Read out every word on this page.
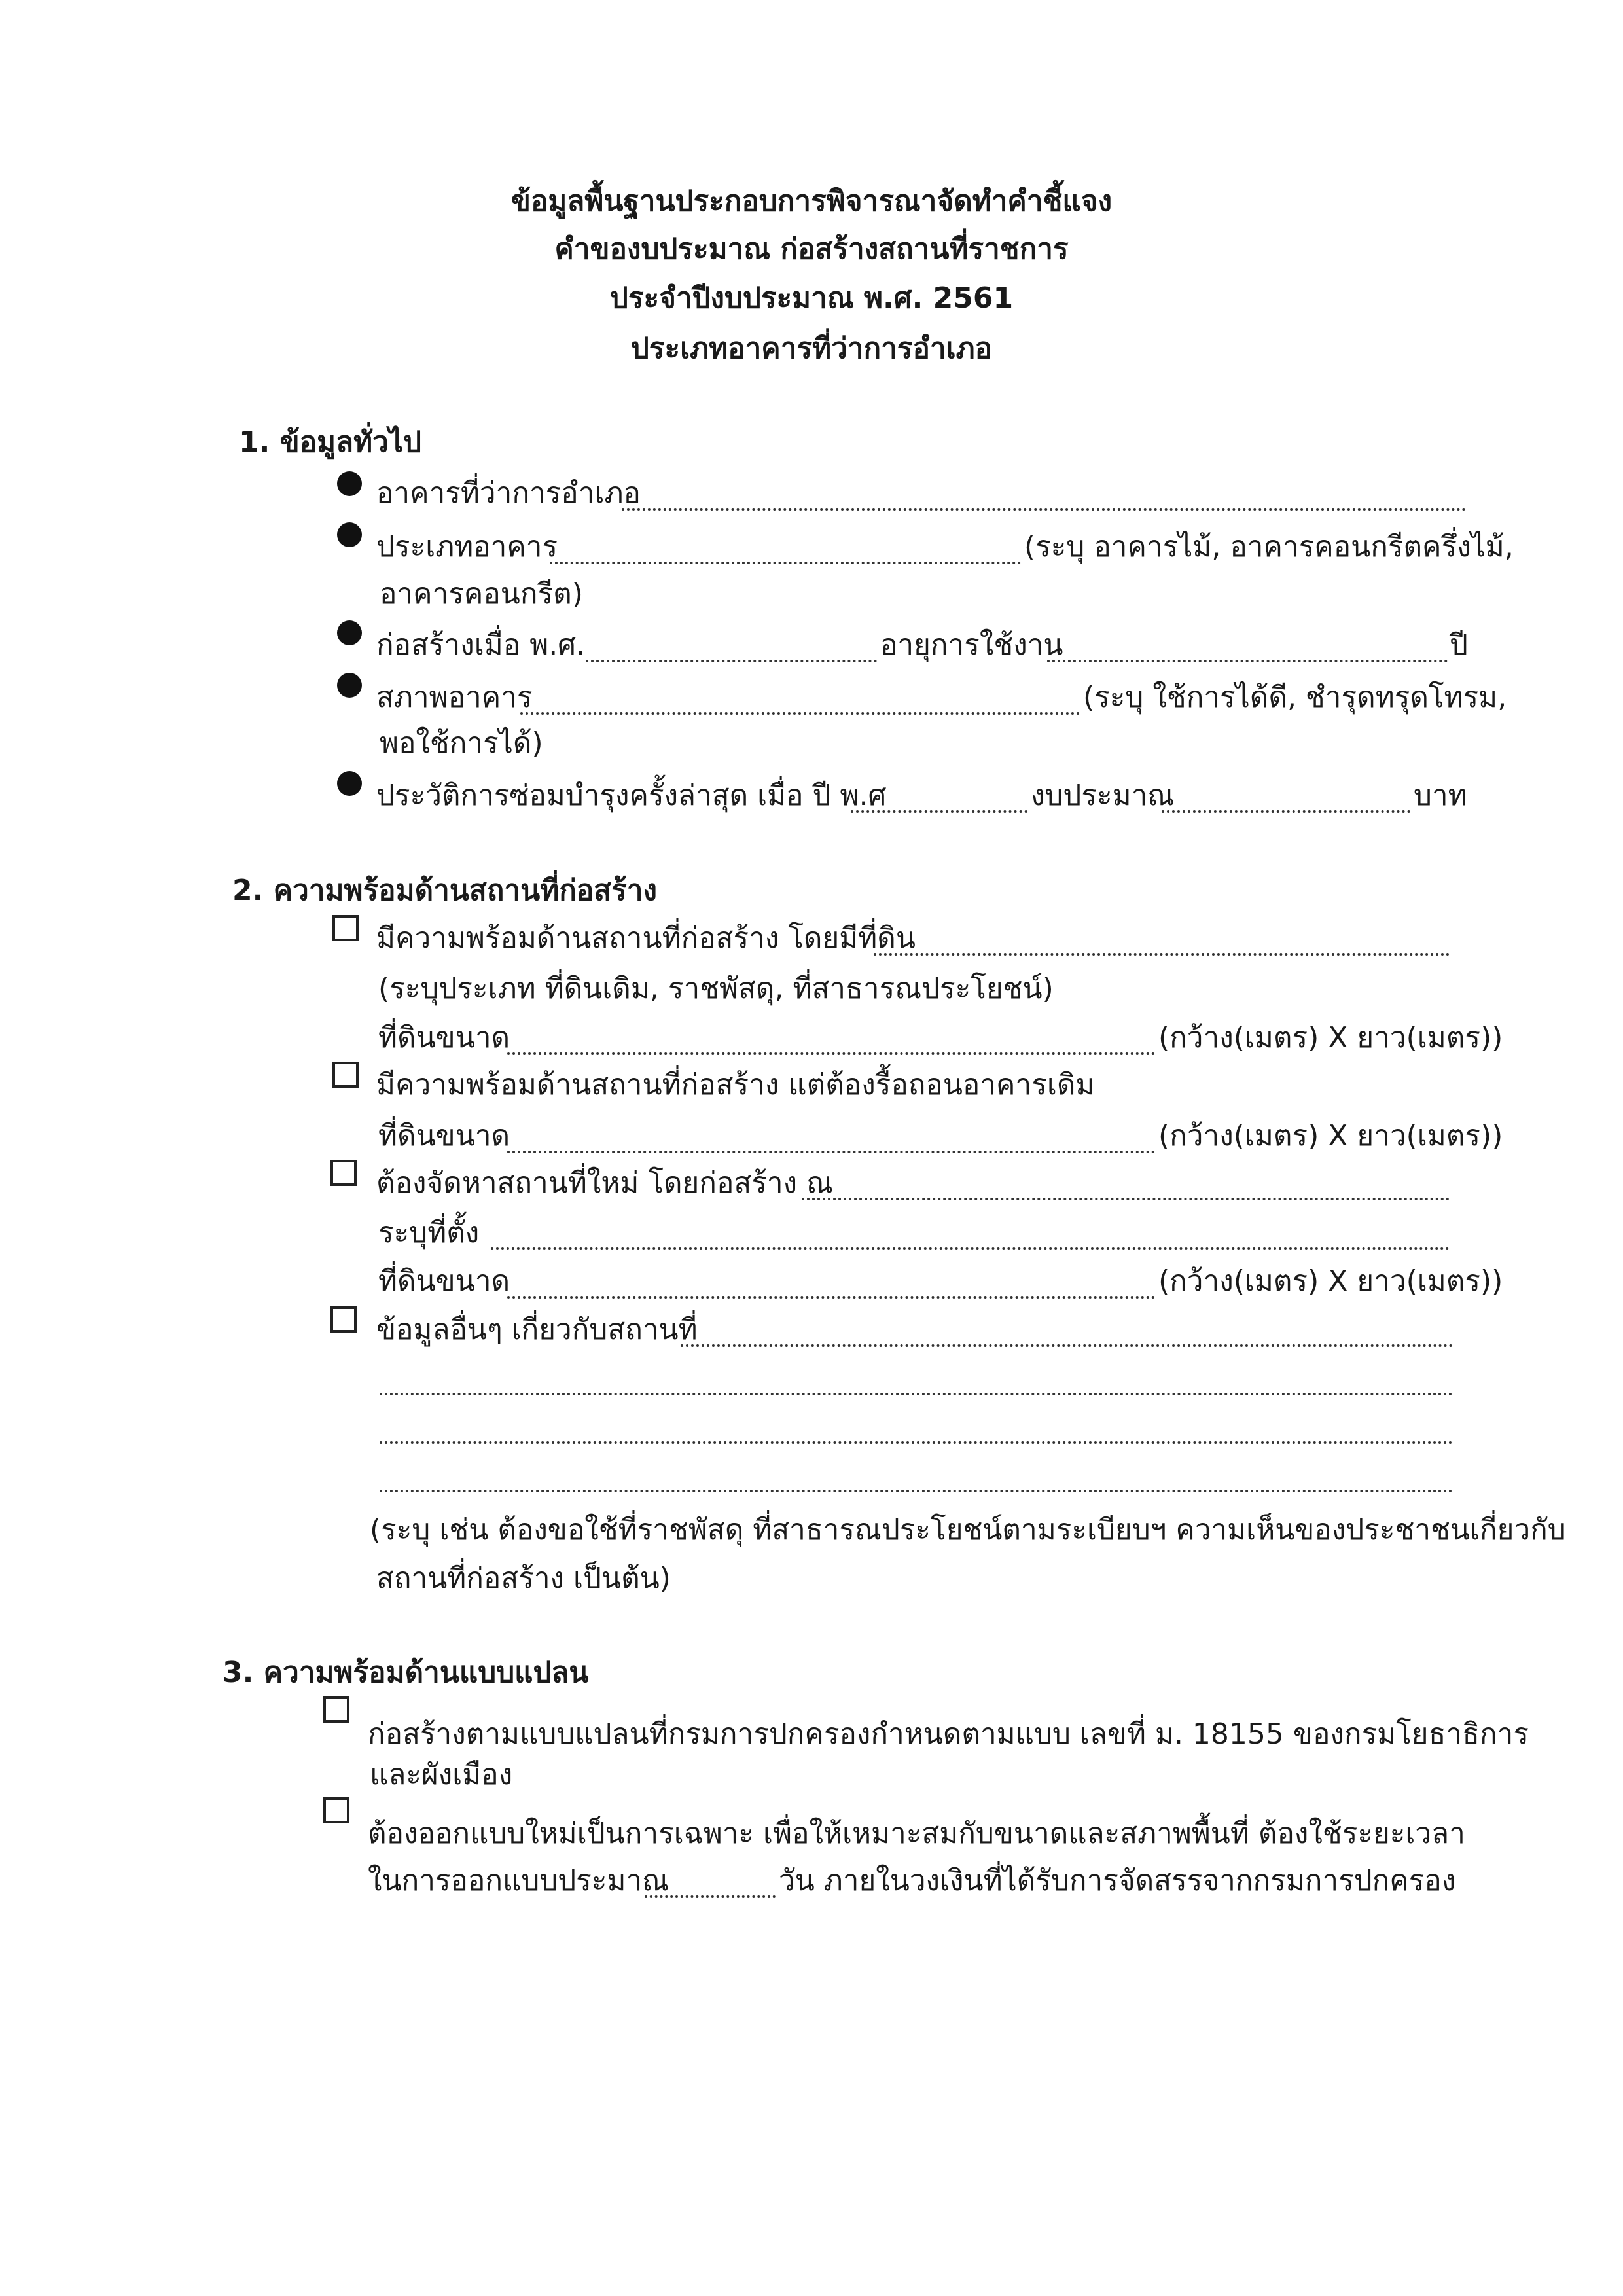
ข้อมูลพื้นฐานประกอบการพิจารณาจัดทำคำชี้แจง
คำของบประมาณ ก่อสร้างสถานที่ราชการ
ประจำปีงบประมาณ พ.ศ. 2561
ประเภทอาคารที่ว่าการอำเภอ
1. ข้อมูลทั่วไป
อาคารที่ว่าการอำเภอ
ประเภทอาคาร	(ระบุ อาคารไม้, อาคารคอนกรีตครึ่งไม้,
อาคารคอนกรีต)
ก่อสร้างเมื่อ พ.ศ.	อายุการใช้งาน	ปี
สภาพอาคาร	(ระบุ ใช้การได้ดี, ชำรุดทรุดโทรม,
พอใช้การได้)
ประวัติการซ่อมบำรุงครั้งล่าสุด เมื่อ ปี พ.ศ	งบประมาณ	บาท
2. ความพร้อมด้านสถานที่ก่อสร้าง
มีความพร้อมด้านสถานที่ก่อสร้าง โดยมีที่ดิน
(ระบุประเภท ที่ดินเดิม, ราชพัสดุ, ที่สาธารณประโยชน์)
ที่ดินขนาด	(กว้าง(เมตร) X ยาว(เมตร))
มีความพร้อมด้านสถานที่ก่อสร้าง แต่ต้องรื้อถอนอาคารเดิม
ที่ดินขนาด	(กว้าง(เมตร) X ยาว(เมตร))
ต้องจัดหาสถานที่ใหม่ โดยก่อสร้าง ณ
ระบุที่ตั้ง
ที่ดินขนาด	(กว้าง(เมตร) X ยาว(เมตร))
ข้อมูลอื่นๆ เกี่ยวกับสถานที่
(ระบุ เช่น ต้องขอใช้ที่ราชพัสดุ ที่สาธารณประโยชน์ตามระเบียบฯ ความเห็นของประชาชนเกี่ยวกับ
สถานที่ก่อสร้าง เป็นต้น)
3. ความพร้อมด้านแบบแปลน
ก่อสร้างตามแบบแปลนที่กรมการปกครองกำหนดตามแบบ เลขที่ ม. 18155 ของกรมโยธาธิการ
และผังเมือง
ต้องออกแบบใหม่เป็นการเฉพาะ เพื่อให้เหมาะสมกับขนาดและสภาพพื้นที่ ต้องใช้ระยะเวลา
ในการออกแบบประมาณ	วัน ภายในวงเงินที่ได้รับการจัดสรรจากกรมการปกครอง
